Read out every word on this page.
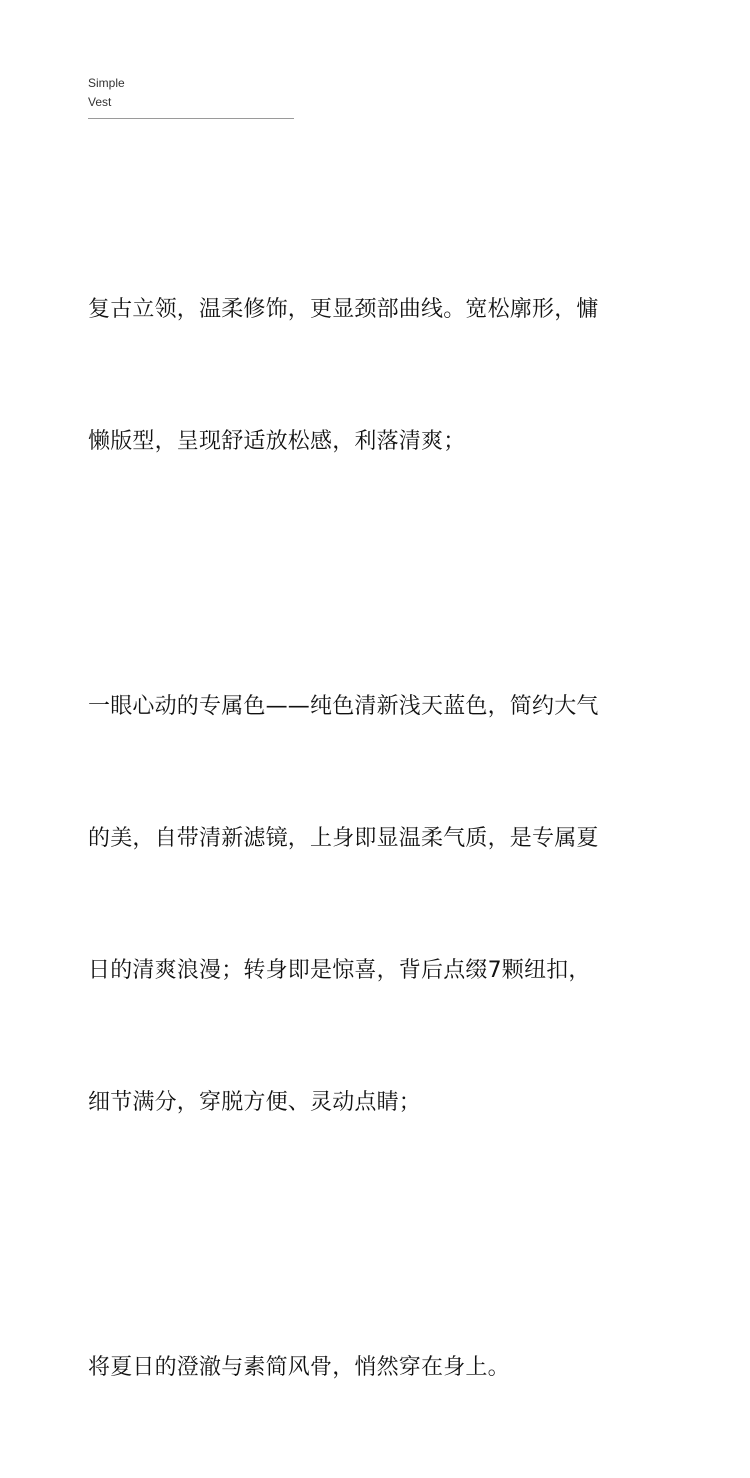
Simple
Vest

复古立领，温柔修饰，更显颈部曲线。宽松廓形，慵

懒版型，呈现舒适放松感，利落清爽；

一眼心动的专属色——纯色清新浅天蓝色，简约大气

的美，自带清新滤镜，上身即显温柔气质，是专属夏

日的清爽浪漫；转身即是惊喜，背后点缀7颗纽扣，

细节满分，穿脱方便、灵动点睛；

将夏日的澄澈与素简风骨，悄然穿在身上。
